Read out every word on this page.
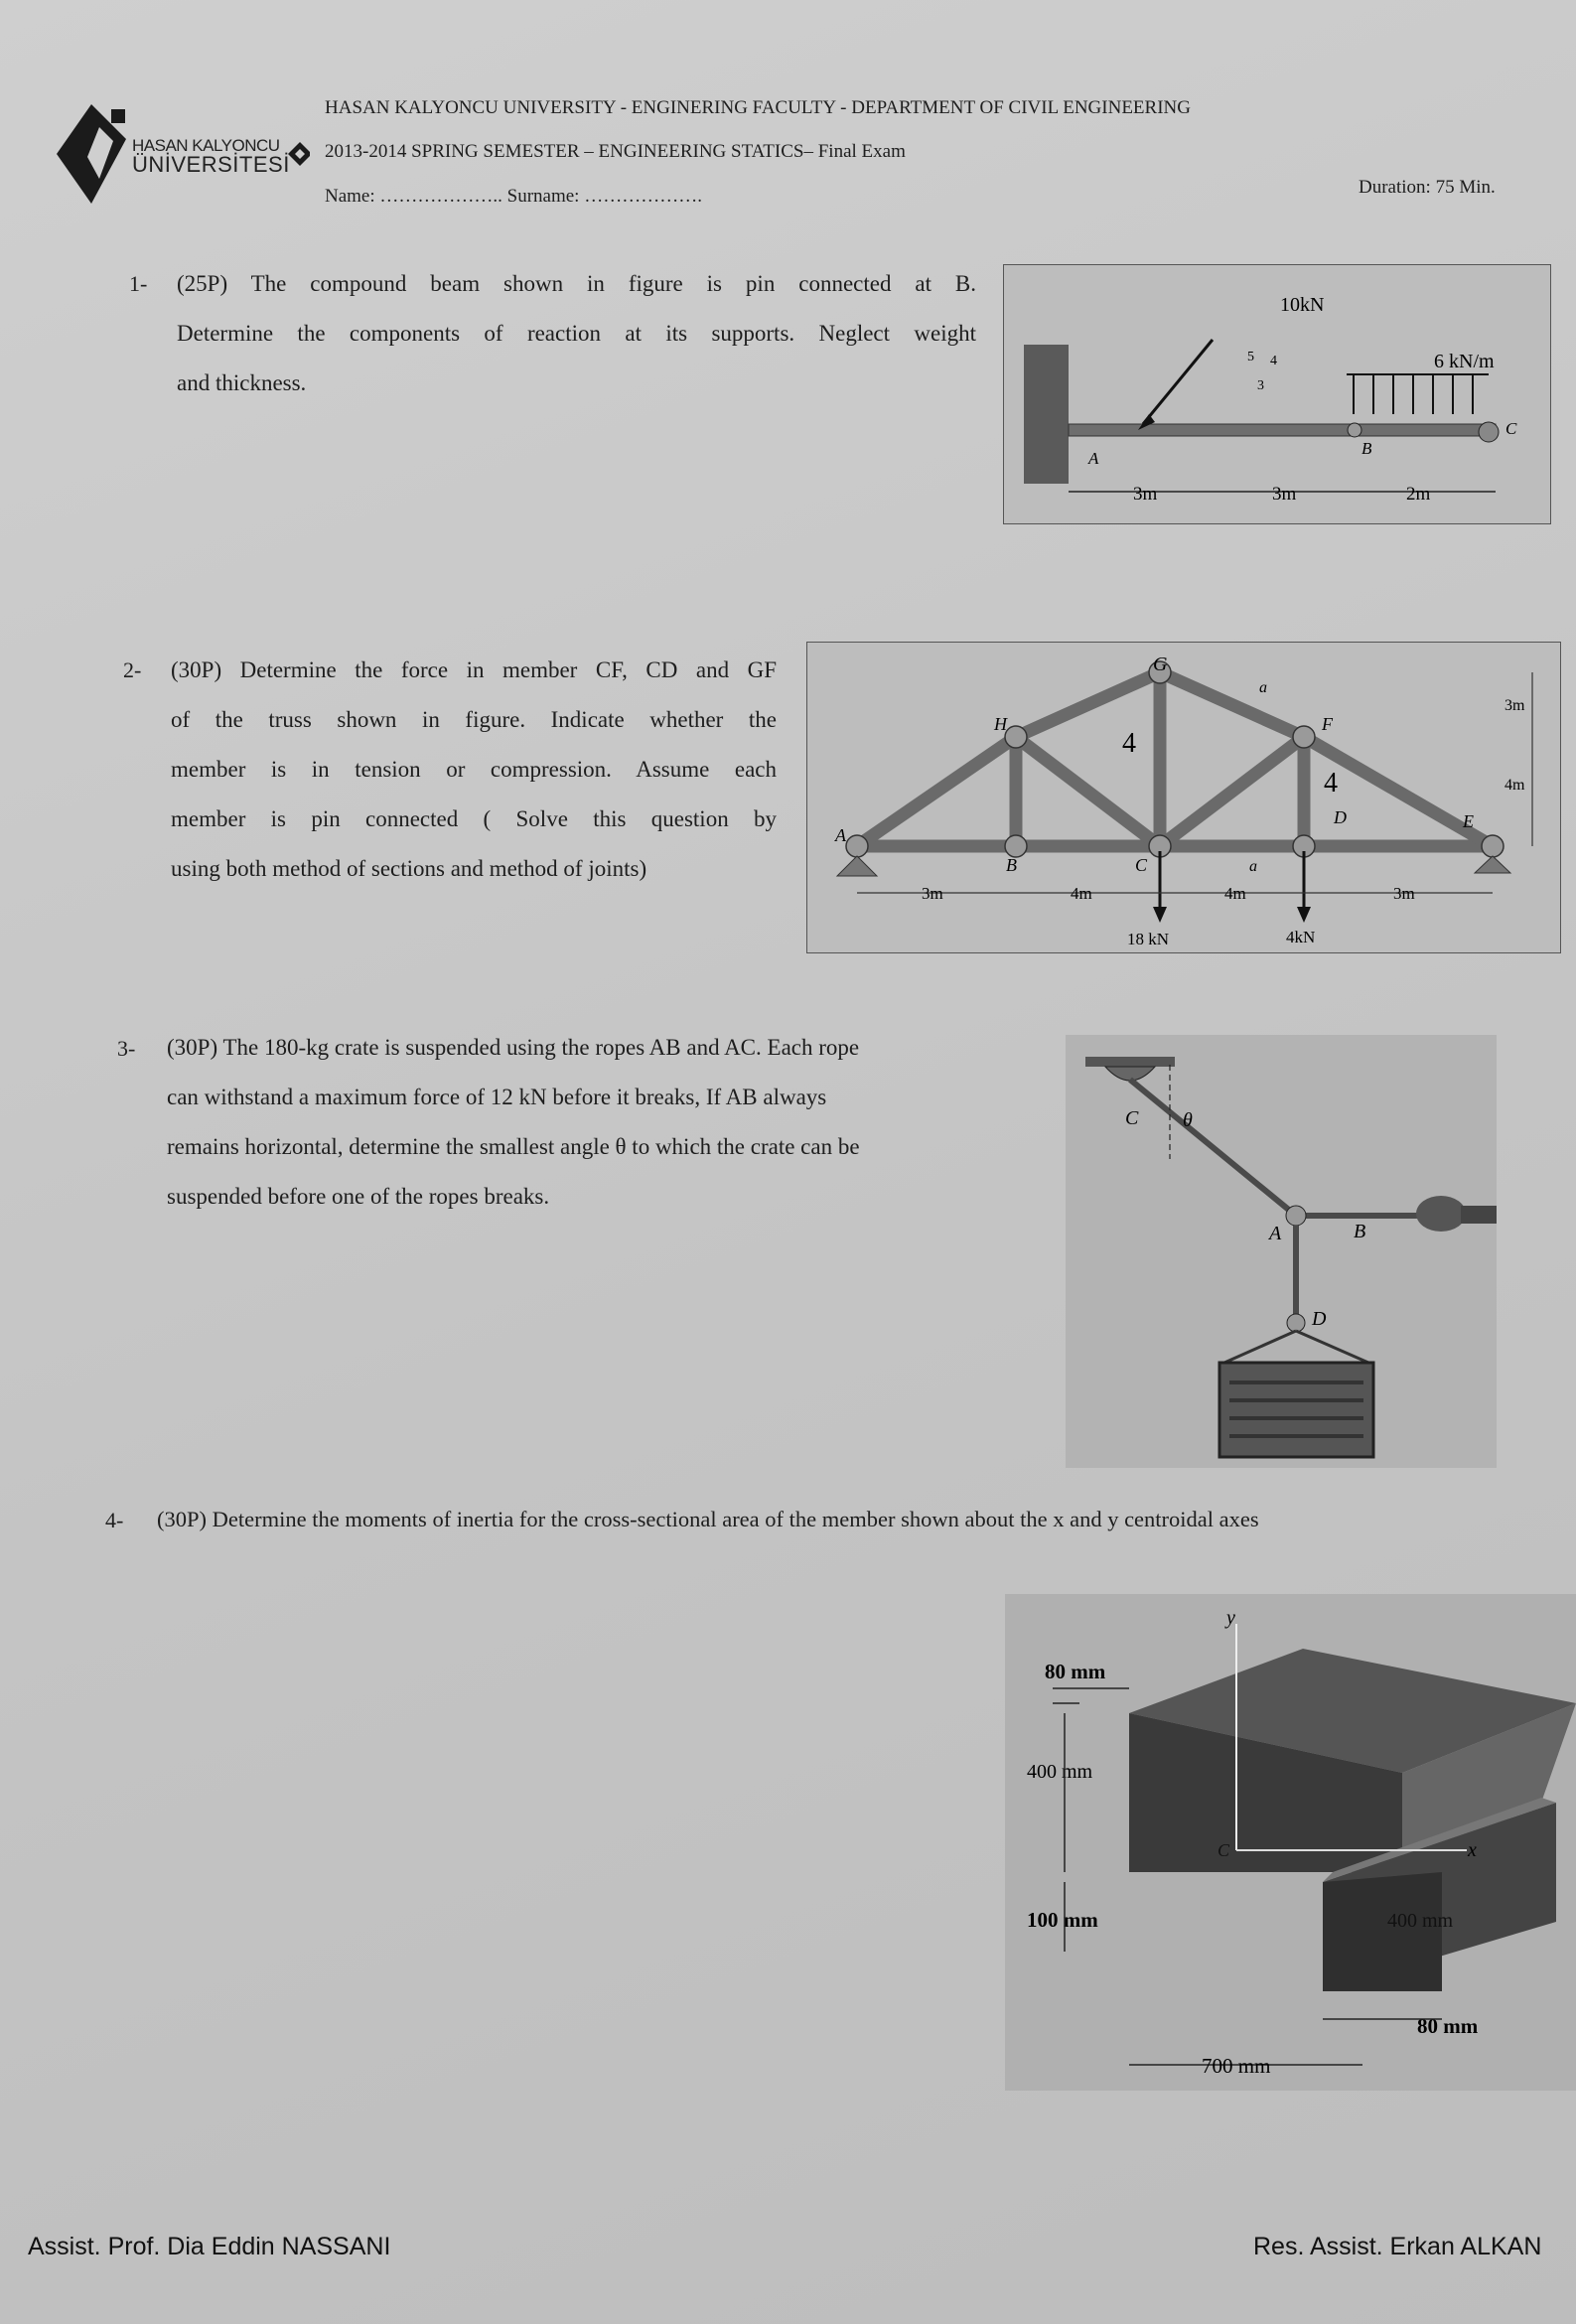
HASAN KALYONCU
ÜNİVERSİTESİ
HASAN KALYONCU UNIVERSITY - ENGINERING FACULTY - DEPARTMENT OF CIVIL ENGINEERING
2013-2014 SPRING SEMESTER – ENGINEERING STATICS– Final Exam
Name: ……………….. Surname: ……………….	Duration: 75 Min.
1- (25P) The compound beam shown in figure is pin connected at B.
Determine the components of reaction at its supports. Neglect weight
and thickness.
10kN
5 4
3
6 kN/m
A
B
C
3m	3m	2m
2- (30P) Determine the force in member CF, CD and GF
of the truss shown in figure. Indicate whether the
member is in tension or compression. Assume each
member is pin connected ( Solve this question by
using both method of sections and method of joints)
G
H	F
D	E
A
B	C
a
a
4
4
18 kN	4kN
3m	4m	4m	3m
3m
4m
3- (30P) The 180-kg crate is suspended using the ropes AB and AC. Each rope
can withstand a maximum force of 12 kN before it breaks, If AB always
remains horizontal, determine the smallest angle θ to which the crate can be
suspended before one of the ropes breaks.
θ
C
B
A
D
4- (30P) Determine the moments of inertia for the cross-sectional area of the member shown about the x and y centroidal axes
y
x
C
80 mm
400 mm
100 mm	400 mm
80 mm
700 mm
Assist. Prof. Dia Eddin NASSANI	Res. Assist. Erkan ALKAN
